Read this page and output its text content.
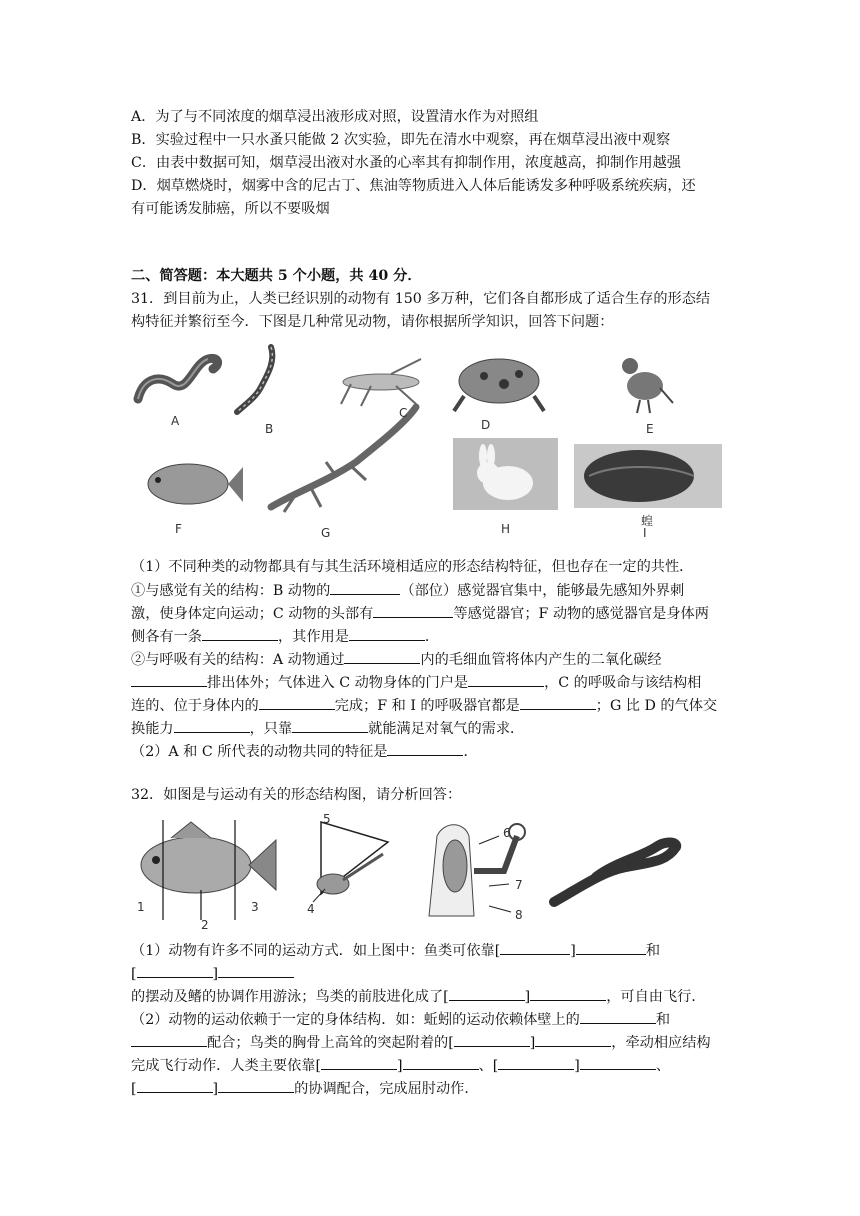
A．为了与不同浓度的烟草浸出液形成对照，设置清水作为对照组
B．实验过程中一只水蚤只能做 2 次实验，即先在清水中观察，再在烟草浸出液中观察
C．由表中数据可知，烟草浸出液对水蚤的心率其有抑制作用，浓度越高，抑制作用越强
D．烟草燃烧时，烟雾中含的尼古丁、焦油等物质进入人体后能诱发多种呼吸系统疾病，还
有可能诱发肺癌，所以不要吸烟
二、简答题：本大题共 5 个小题，共 40 分．
31．到目前为止，人类已经识别的动物有 150 多万种，它们各自都形成了适合生存的形态结
构特征并繁衍至今．下图是几种常见动物，请你根据所学知识，回答下问题：
A
B
C
D	E
F	G	H
蝗
I
（1）不同种类的动物都具有与其生活环境相适应的形态结构特征，但也存在一定的共性．
①与感觉有关的结构：B 动物的	（部位）感觉器官集中，能够最先感知外界刺
激，使身体定向运动；C 动物的头部有	等感觉器官；F 动物的感觉器官是身体两
侧各有一条	，其作用是	．
②与呼吸有关的结构：A 动物通过	内的毛细血管将体内产生的二氧化碳经
排出体外；气体进入 C 动物身体的门户是	，C 的呼吸命与该结构相
连的、位于身体内的	完成；F 和 I 的呼吸器官都是	；G 比 D 的气体交
换能力	，只靠	就能满足对氧气的需求．
（2）A 和 C 所代表的动物共同的特征是	．
32．如图是与运动有关的形态结构图，请分析回答：
1
2
3	4
5
6
7
8
（1）动物有许多不同的运动方式．如上图中：鱼类可依靠[	]	和
[	]
的摆动及鳍的协调作用游泳；鸟类的前肢进化成了[	]	，可自由飞行．
（2）动物的运动依赖于一定的身体结构．如：蚯蚓的运动依赖体壁上的	和
配合；鸟类的胸骨上高耸的突起附着的[	]	，牵动相应结构
完成飞行动作．人类主要依靠[	]	、[	]	、
[	]	的协调配合，完成屈肘动作．
